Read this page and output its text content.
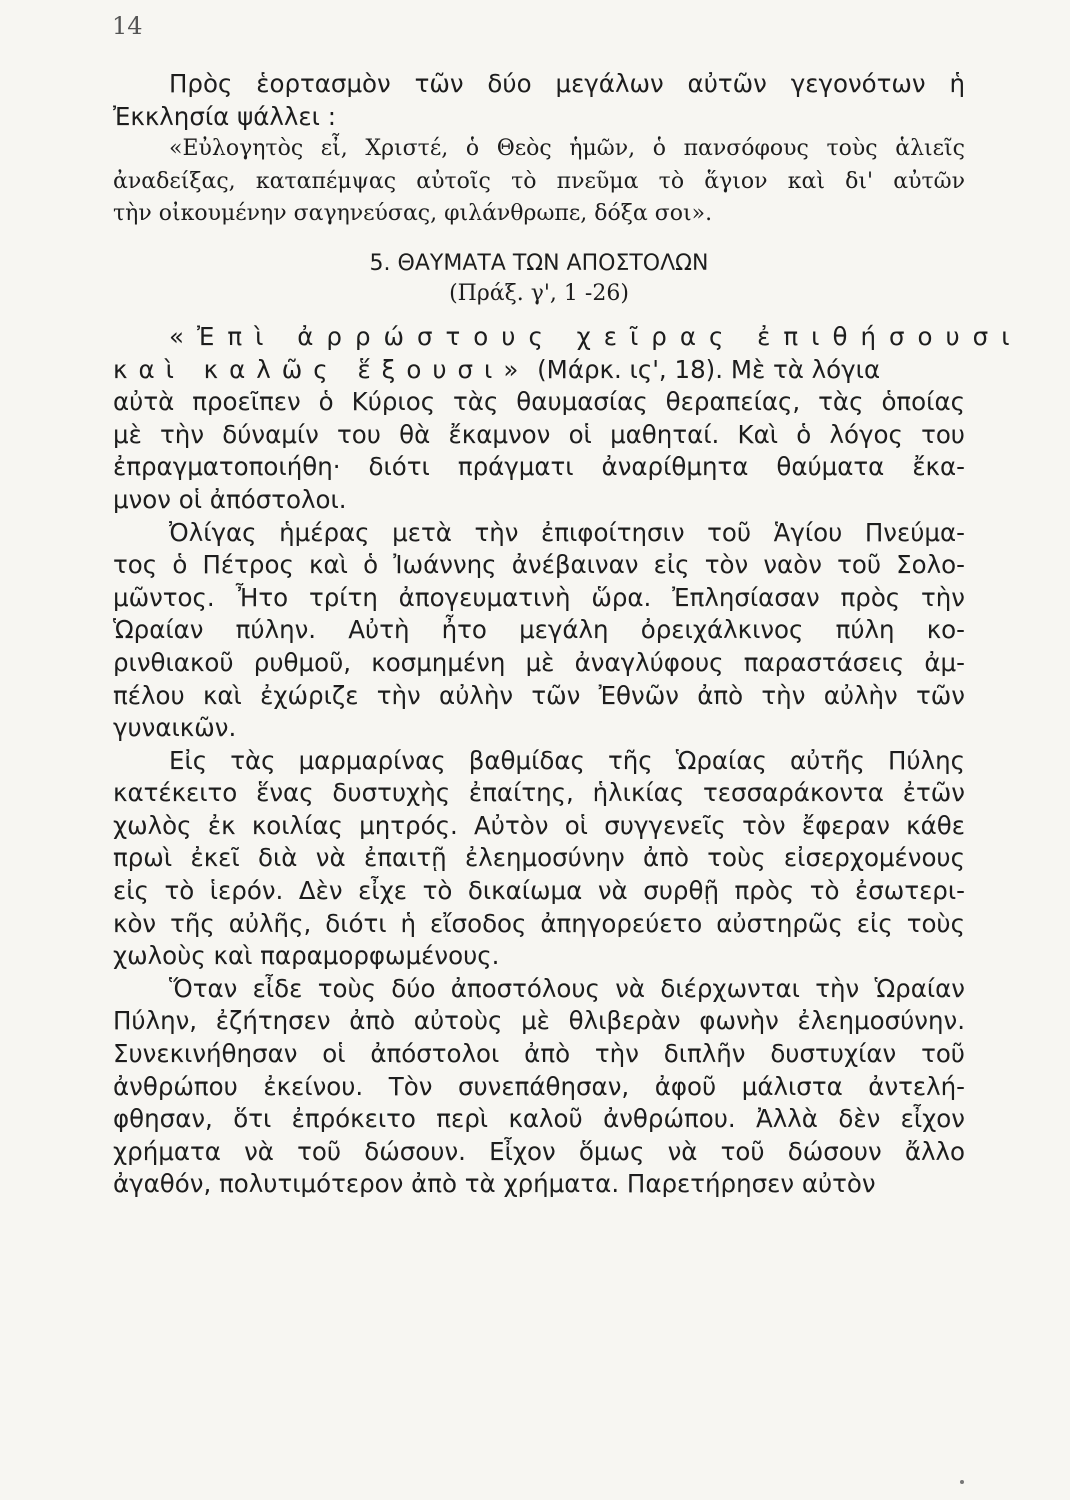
14
Πρὸς ἑορτασμὸν τῶν δύο μεγάλων αὐτῶν γεγονότων ἡ
Ἐκκλησία ψάλλει :
«Εὐλογητὸς εἶ, Χριστέ, ὁ Θεὸς ἡμῶν, ὁ πανσόφους τοὺς ἁλιεῖς
ἀναδείξας, καταπέμψας αὐτοῖς τὸ πνεῦμα τὸ ἅγιον καὶ δι' αὐτῶν
τὴν οἰκουμένην σαγηνεύσας, φιλάνθρωπε, δόξα σοι».
5. ΘΑΥΜΑΤΑ ΤΩΝ ΑΠΟΣΤΟΛΩΝ
(Πράξ. γ', 1 -26)
«Ἐπὶ ἀρρώστους χεῖρας ἐπιθήσουσι
καὶ καλῶς ἕξουσι» (Μάρκ. ις', 18). Μὲ τὰ λόγια
αὐτὰ προεῖπεν ὁ Κύριος τὰς θαυμασίας θεραπείας, τὰς ὁποίας
μὲ τὴν δύναμίν του θὰ ἔκαμνον οἱ μαθηταί. Καὶ ὁ λόγος του
ἐπραγματοποιήθη· διότι πράγματι ἀναρίθμητα θαύματα ἔκα-
μνον οἱ ἀπόστολοι.
Ὀλίγας ἡμέρας μετὰ τὴν ἐπιφοίτησιν τοῦ Ἁγίου Πνεύμα-
τος ὁ Πέτρος καὶ ὁ Ἰωάννης ἀνέβαιναν εἰς τὸν ναὸν τοῦ Σολο-
μῶντος. Ἦτο τρίτη ἀπογευματινὴ ὥρα. Ἐπλησίασαν πρὸς τὴν
Ὡραίαν πύλην. Αὐτὴ ἦτο μεγάλη ὀρειχάλκινος πύλη κο-
ρινθιακοῦ ρυθμοῦ, κοσμημένη μὲ ἀναγλύφους παραστάσεις ἀμ-
πέλου καὶ ἐχώριζε τὴν αὐλὴν τῶν Ἐθνῶν ἀπὸ τὴν αὐλὴν τῶν
γυναικῶν.
Εἰς τὰς μαρμαρίνας βαθμίδας τῆς Ὡραίας αὐτῆς Πύλης
κατέκειτο ἕνας δυστυχὴς ἐπαίτης, ἡλικίας τεσσαράκοντα ἐτῶν
χωλὸς ἐκ κοιλίας μητρός. Αὐτὸν οἱ συγγενεῖς τὸν ἔφεραν κάθε
πρωὶ ἐκεῖ διὰ νὰ ἐπαιτῇ ἐλεημοσύνην ἀπὸ τοὺς εἰσερχομένους
εἰς τὸ ἱερόν. Δὲν εἶχε τὸ δικαίωμα νὰ συρθῇ πρὸς τὸ ἐσωτερι-
κὸν τῆς αὐλῆς, διότι ἡ εἴσοδος ἀπηγορεύετο αὐστηρῶς εἰς τοὺς
χωλοὺς καὶ παραμορφωμένους.
Ὅταν εἶδε τοὺς δύο ἀποστόλους νὰ διέρχωνται τὴν Ὡραίαν
Πύλην, ἐζήτησεν ἀπὸ αὐτοὺς μὲ θλιβερὰν φωνὴν ἐλεημοσύνην.
Συνεκινήθησαν οἱ ἀπόστολοι ἀπὸ τὴν διπλῆν δυστυχίαν τοῦ
ἀνθρώπου ἐκείνου. Τὸν συνεπάθησαν, ἀφοῦ μάλιστα ἀντελή-
φθησαν, ὅτι ἐπρόκειτο περὶ καλοῦ ἀνθρώπου. Ἀλλὰ δὲν εἶχον
χρήματα νὰ τοῦ δώσουν. Εἶχον ὅμως νὰ τοῦ δώσουν ἄλλο
ἀγαθόν, πολυτιμότερον ἀπὸ τὰ χρήματα. Παρετήρησεν αὐτὸν
